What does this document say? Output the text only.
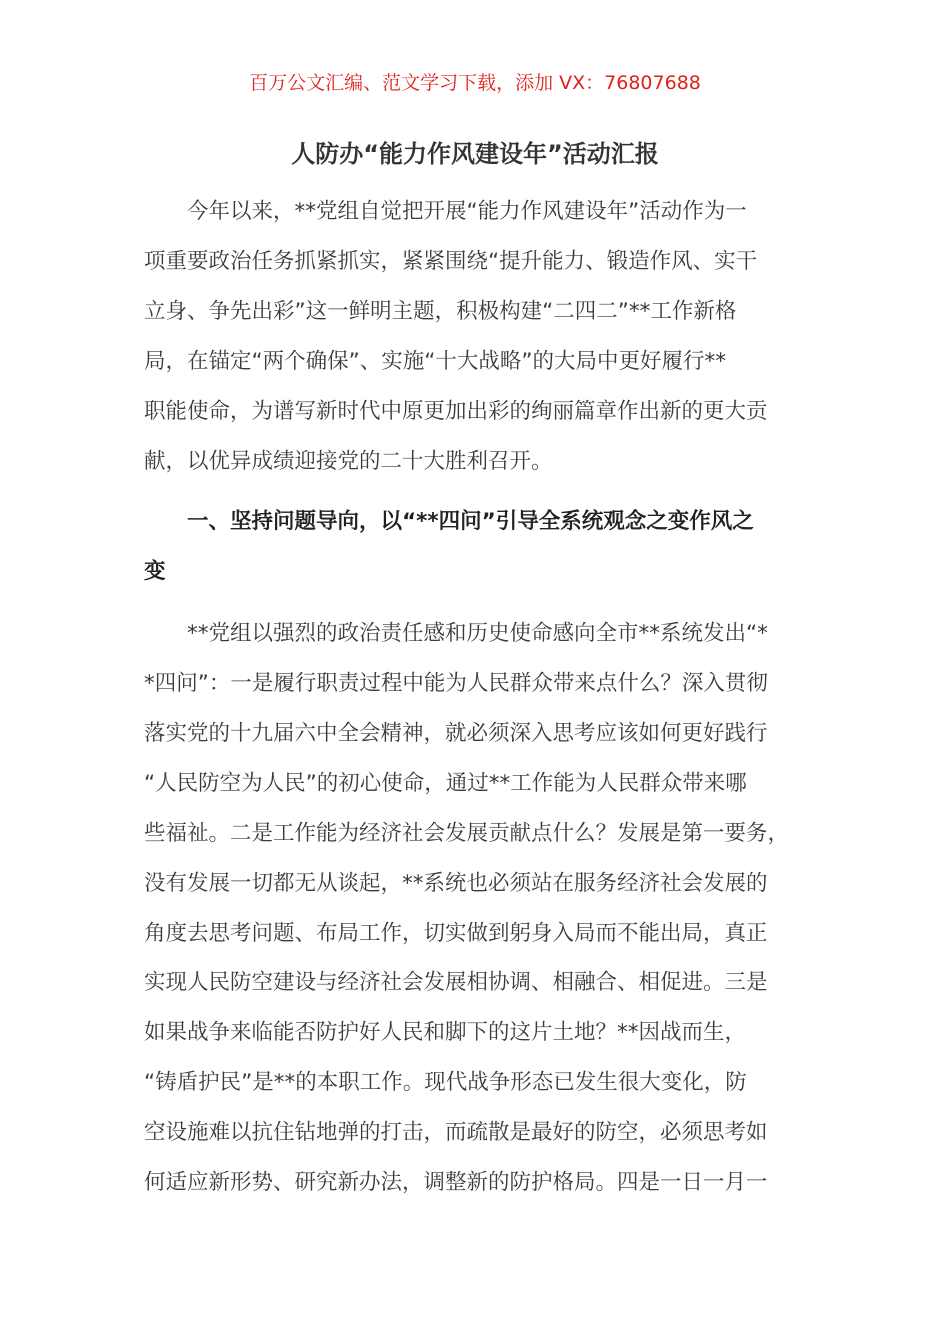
百万公文汇编、范文学习下载，添加 VX：76807688
人防办“能力作风建设年”活动汇报
　　今年以来，**党组自觉把开展“能力作风建设年”活动作为一
项重要政治任务抓紧抓实，紧紧围绕“提升能力、锻造作风、实干
立身、争先出彩”这一鲜明主题，积极构建“二四二”**工作新格
局，在锚定“两个确保”、实施“十大战略”的大局中更好履行**
职能使命，为谱写新时代中原更加出彩的绚丽篇章作出新的更大贡
献，以优异成绩迎接党的二十大胜利召开。
　　一、坚持问题导向，以“**四问”引导全系统观念之变作风之
变
　　**党组以强烈的政治责任感和历史使命感向全市**系统发出“*
*四问”：一是履行职责过程中能为人民群众带来点什么？深入贯彻
落实党的十九届六中全会精神，就必须深入思考应该如何更好践行
“人民防空为人民”的初心使命，通过**工作能为人民群众带来哪
些福祉。二是工作能为经济社会发展贡献点什么？发展是第一要务，
没有发展一切都无从谈起，**系统也必须站在服务经济社会发展的
角度去思考问题、布局工作，切实做到躬身入局而不能出局，真正
实现人民防空建设与经济社会发展相协调、相融合、相促进。三是
如果战争来临能否防护好人民和脚下的这片土地？**因战而生，
“铸盾护民”是**的本职工作。现代战争形态已发生很大变化，防
空设施难以抗住钻地弹的打击，而疏散是最好的防空，必须思考如
何适应新形势、研究新办法，调整新的防护格局。四是一日一月一
